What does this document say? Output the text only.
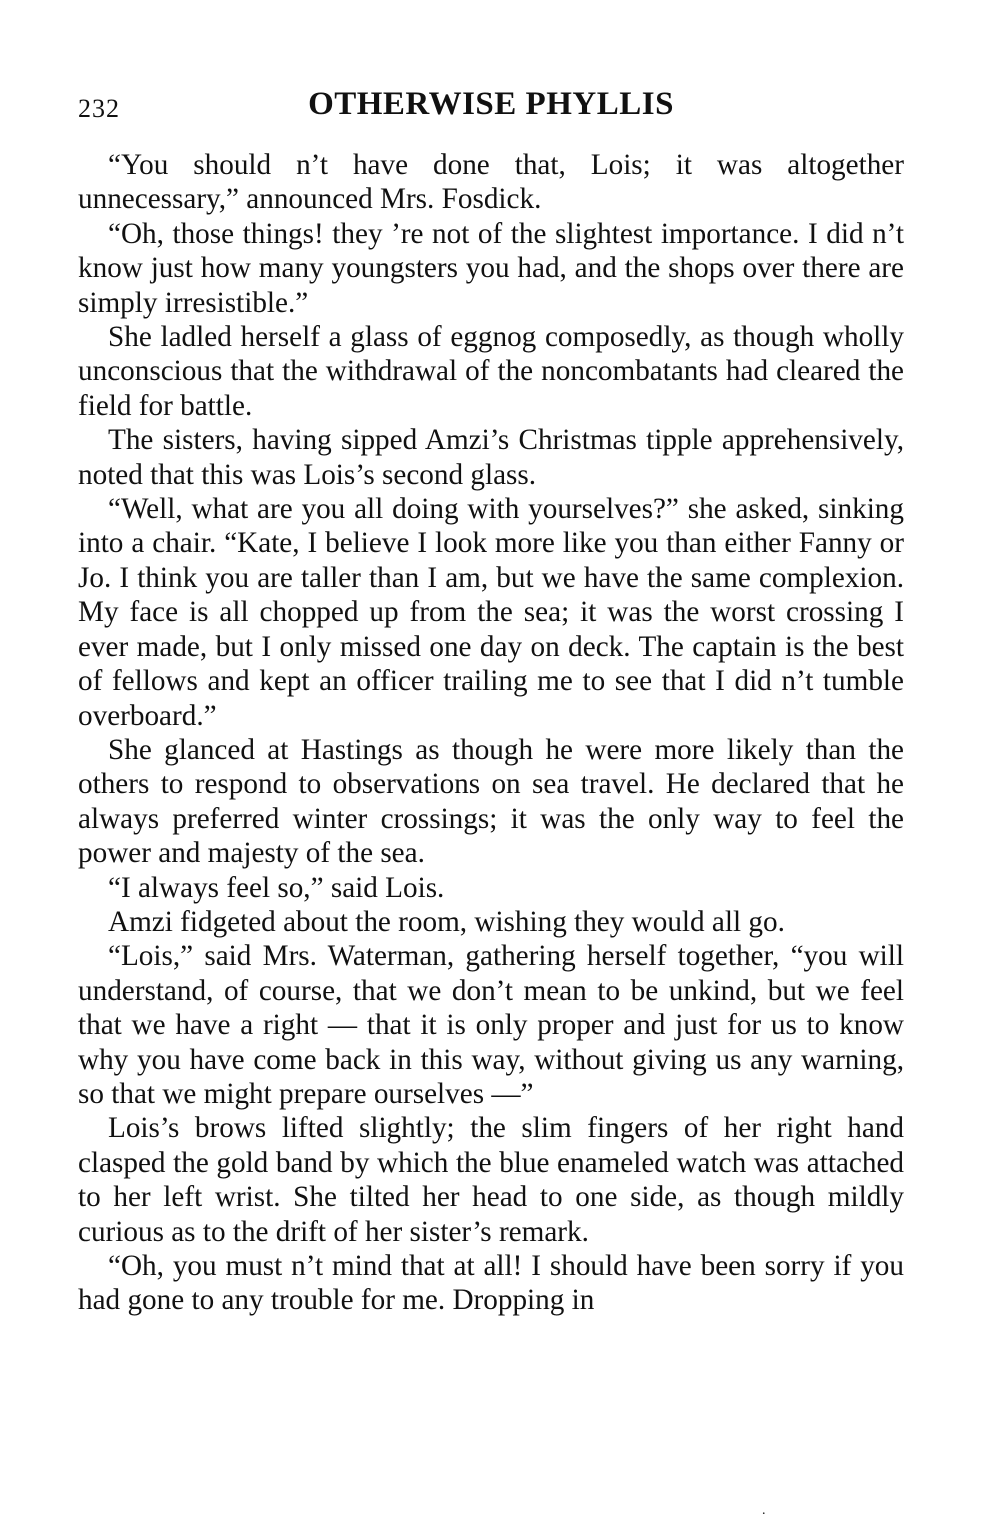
232	OTHERWISE PHYLLIS

“You should n’t have done that, Lois; it was altogether unnecessary,” announced Mrs. Fosdick.

“Oh, those things! they ’re not of the slightest importance. I did n’t know just how many youngsters you had, and the shops over there are simply irresistible.”

She ladled herself a glass of eggnog composedly, as though wholly unconscious that the withdrawal of the noncombatants had cleared the field for battle.

The sisters, having sipped Amzi’s Christmas tipple apprehensively, noted that this was Lois’s second glass.

“Well, what are you all doing with yourselves?” she asked, sinking into a chair. “Kate, I believe I look more like you than either Fanny or Jo. I think you are taller than I am, but we have the same complexion. My face is all chopped up from the sea; it was the worst crossing I ever made, but I only missed one day on deck. The captain is the best of fellows and kept an officer trailing me to see that I did n’t tumble overboard.”

She glanced at Hastings as though he were more likely than the others to respond to observations on sea travel. He declared that he always preferred winter crossings; it was the only way to feel the power and majesty of the sea.

“I always feel so,” said Lois.

Amzi fidgeted about the room, wishing they would all go.

“Lois,” said Mrs. Waterman, gathering herself together, “you will understand, of course, that we don’t mean to be unkind, but we feel that we have a right — that it is only proper and just for us to know why you have come back in this way, without giving us any warning, so that we might prepare ourselves —”

Lois’s brows lifted slightly; the slim fingers of her right hand clasped the gold band by which the blue enameled watch was attached to her left wrist. She tilted her head to one side, as though mildly curious as to the drift of her sister’s remark.

“Oh, you must n’t mind that at all! I should have been sorry if you had gone to any trouble for me. Dropping in

.
